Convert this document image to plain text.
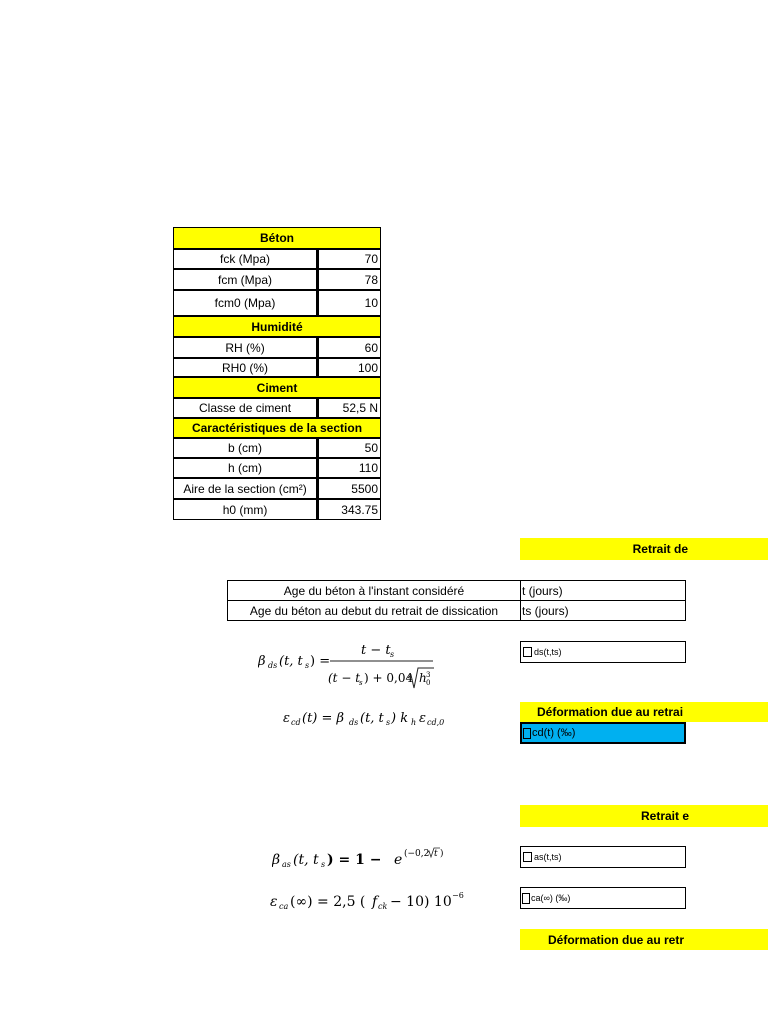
Béton
fck (Mpa)	70
fcm (Mpa)	78
fcm0 (Mpa)	10
Humidité
RH (%)	60
RH0 (%)	100
Ciment
Classe de ciment	52,5 N
Caractéristiques de la section
b (cm)	50
h (cm)	110
Aire de la section (cm²)	5500
h0 (mm)	343.75
Retrait de
Age du béton à l'instant considéré	t (jours)
Age du béton au debut du retrait de dissication	ts (jours)
β ds (t, t s ) =
t − t s
(t − t
s ) + 0,04 h 3
0
ds(t,ts)
ε cd (t) = β ds (t, t s ) k h ε cd,0
Déformation due au retrai
cd(t) (‰)
Retrait e
β as (t, t s ) = 1 − e (−0,2 t )	as(t,ts)
ε ca (∞) = 2,5 ( f ck − 10) 10 −6	ca(∞) (‰)
Déformation due au retr
